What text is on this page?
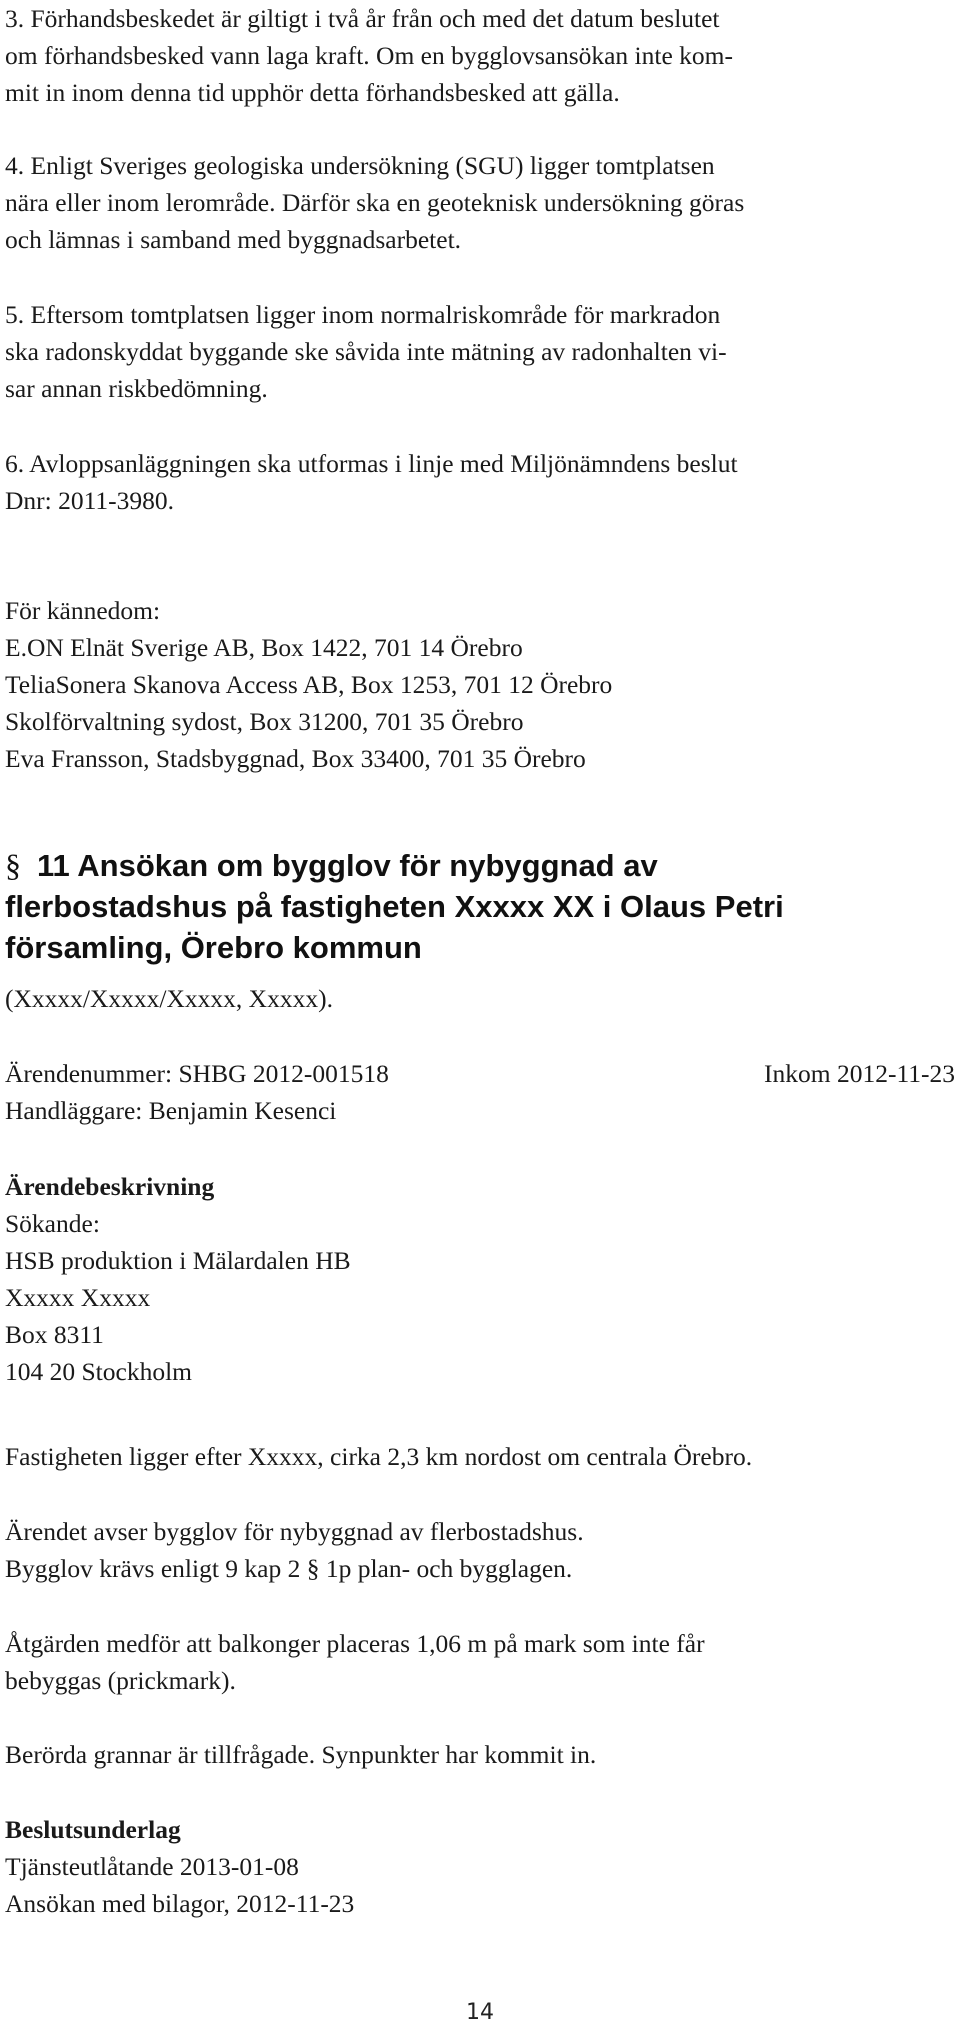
3. Förhandsbeskedet är giltigt i två år från och med det datum beslutet
om förhandsbesked vann laga kraft. Om en bygglovsansökan inte kom-
mit in inom denna tid upphör detta förhandsbesked att gälla.

4. Enligt Sveriges geologiska undersökning (SGU) ligger tomtplatsen
nära eller inom lerområde. Därför ska en geoteknisk undersökning göras
och lämnas i samband med byggnadsarbetet.

5. Eftersom tomtplatsen ligger inom normalriskområde för markradon
ska radonskyddat byggande ske såvida inte mätning av radonhalten vi-
sar annan riskbedömning.

6. Avloppsanläggningen ska utformas i linje med Miljönämndens beslut
Dnr: 2011-3980.

För kännedom:
E.ON Elnät Sverige AB, Box 1422, 701 14 Örebro
TeliaSonera Skanova Access AB, Box 1253, 701 12 Örebro
Skolförvaltning sydost, Box 31200, 701 35 Örebro
Eva Fransson, Stadsbyggnad, Box 33400, 701 35 Örebro
§ 11 Ansökan om bygglov för nybyggnad av
flerbostadshus på fastigheten Xxxxx XX i Olaus Petri
församling, Örebro kommun
(Xxxxx/Xxxxx/Xxxxx, Xxxxx).
Ärendenummer: SHBG 2012-001518	Inkom 2012-11-23
Handläggare: Benjamin Kesenci
Ärendebeskrivning
Sökande:
HSB produktion i Mälardalen HB
Xxxxx Xxxxx
Box 8311
104 20 Stockholm

Fastigheten ligger efter Xxxxx, cirka 2,3 km nordost om centrala Örebro.

Ärendet avser bygglov för nybyggnad av flerbostadshus.
Bygglov krävs enligt 9 kap 2 § 1p plan- och bygglagen.

Åtgärden medför att balkonger placeras 1,06 m på mark som inte får
bebyggas (prickmark).

Berörda grannar är tillfrågade. Synpunkter har kommit in.

Beslutsunderlag
Tjänsteutlåtande 2013-01-08
Ansökan med bilagor, 2012-11-23
14
